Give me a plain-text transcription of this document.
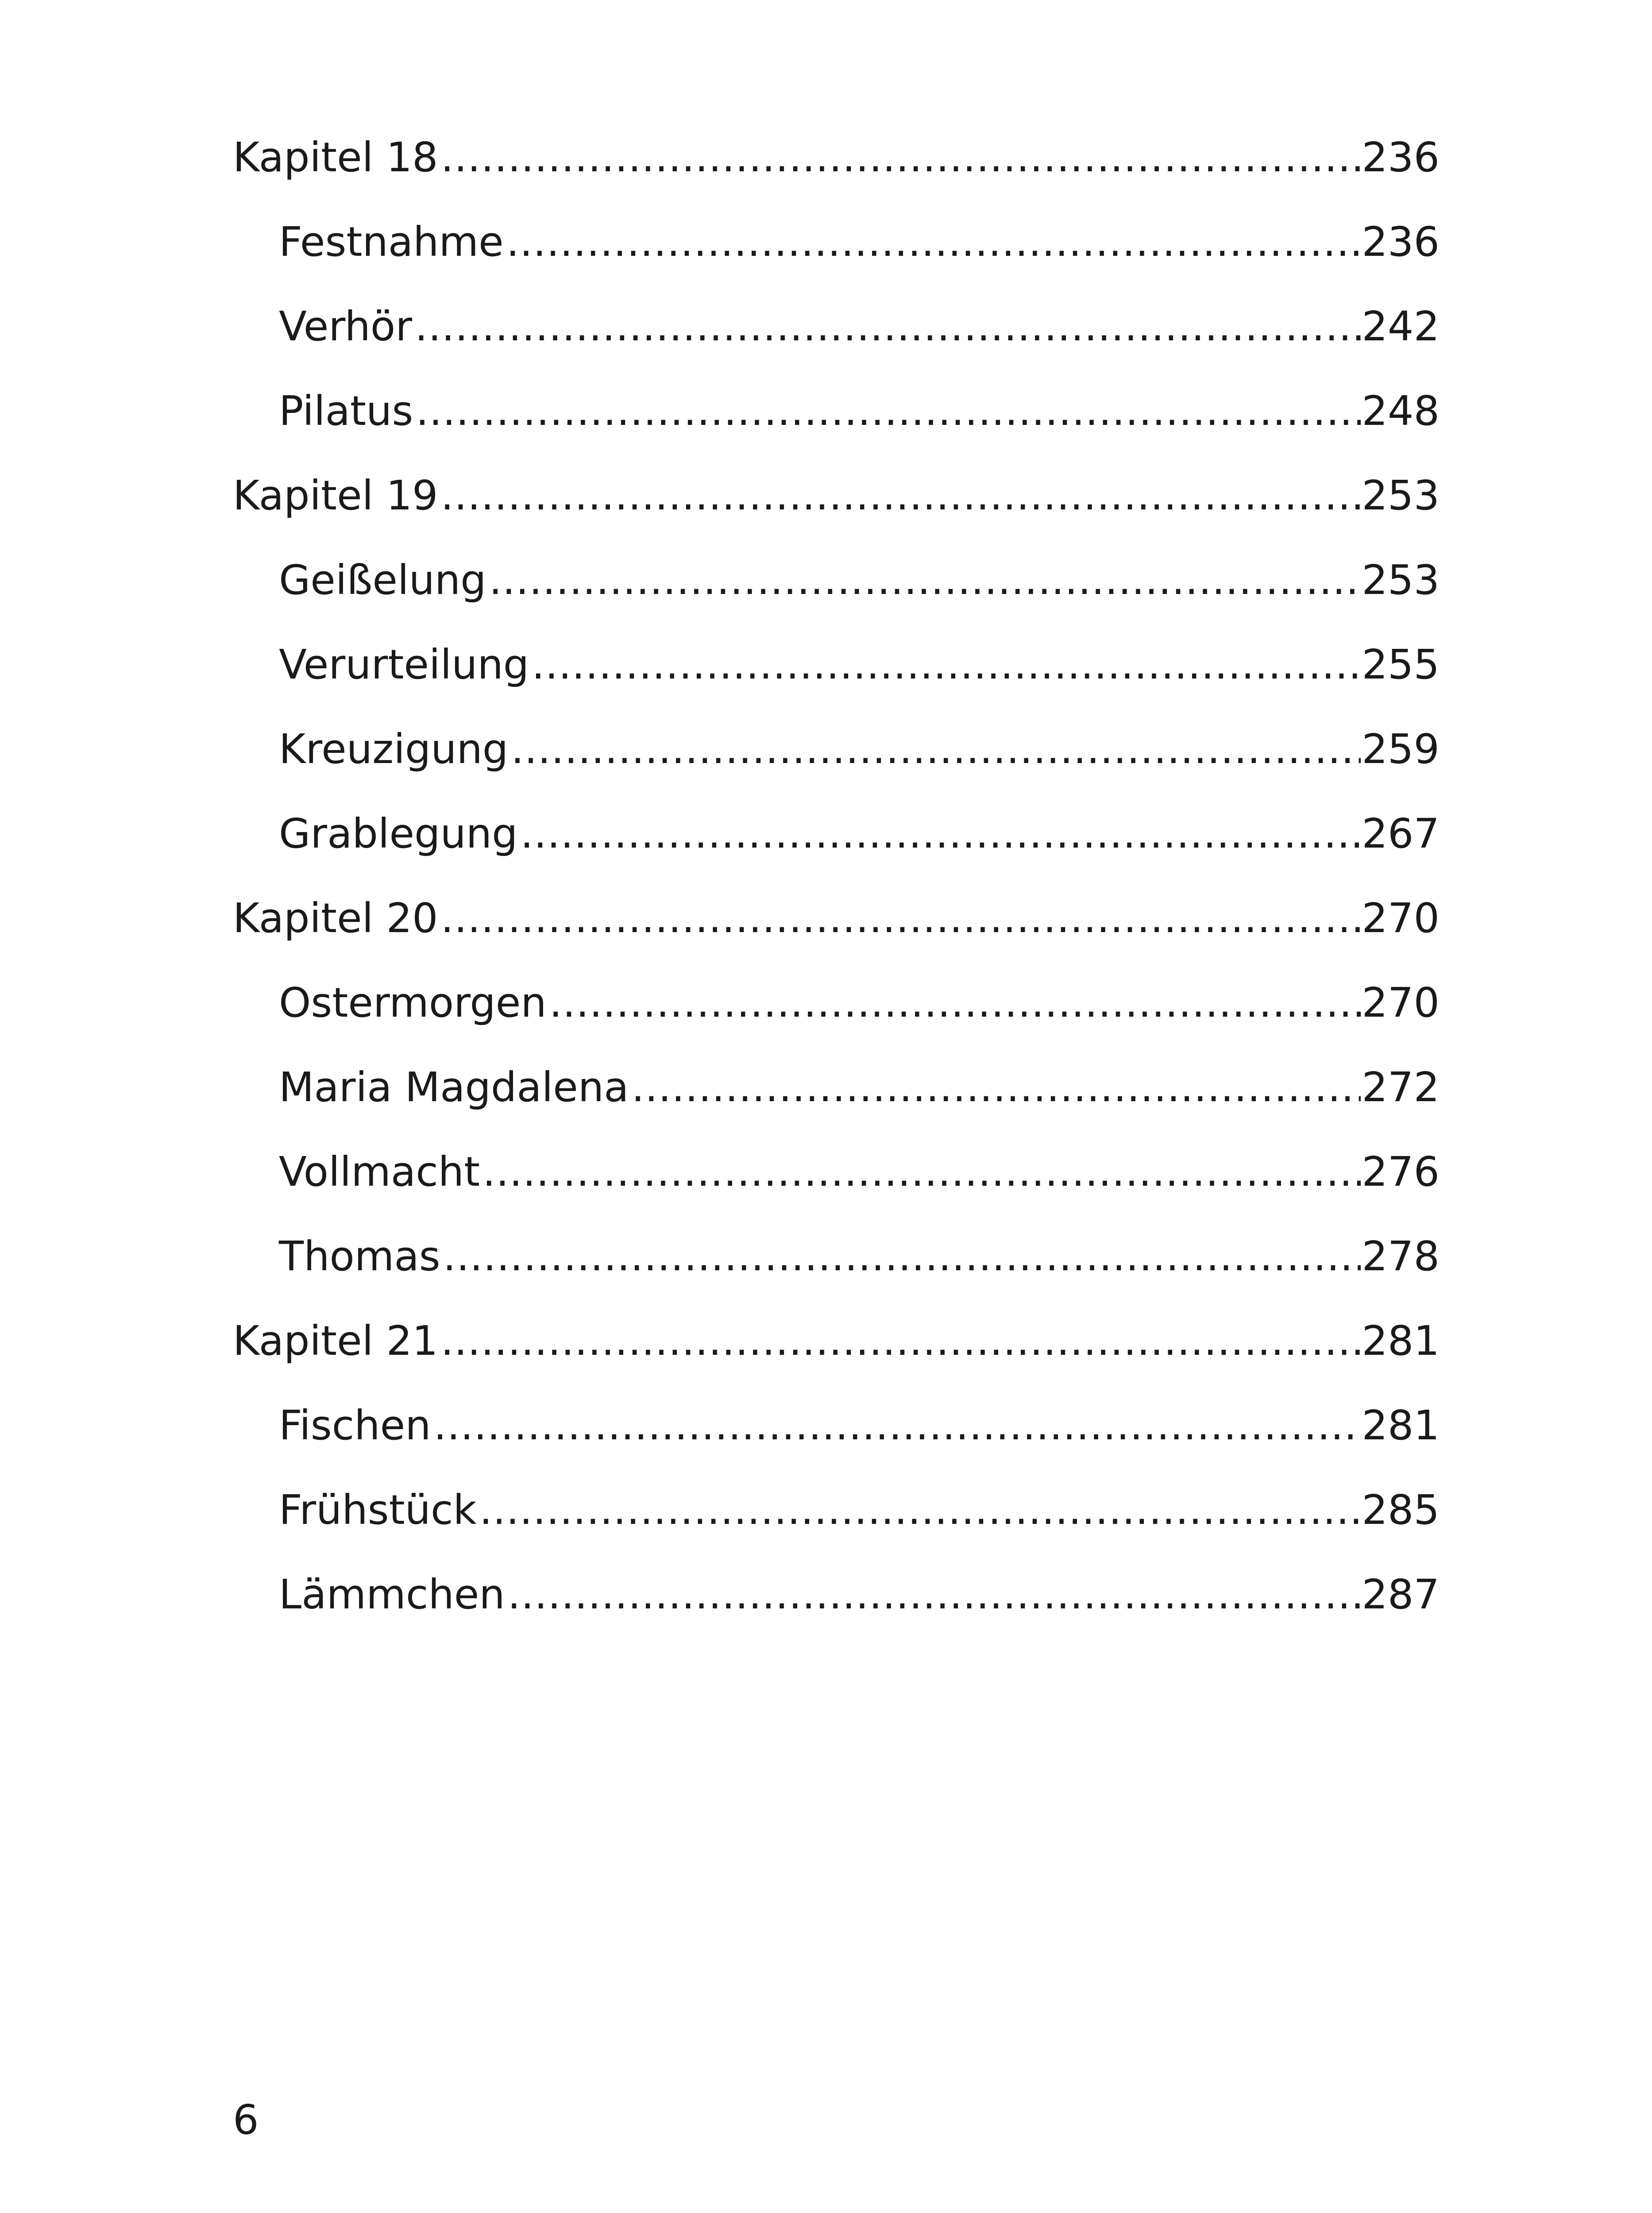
Kapitel 18 .....	236
Festnahme .....	236
Verhör .....	242
Pilatus .....	248
Kapitel 19 .....	253
Geißelung .....	253
Verurteilung .....	255
Kreuzigung .....	259
Grablegung .....	267
Kapitel 20 .....	270
Ostermorgen .....	270
Maria Magdalena .....	272
Vollmacht .....	276
Thomas .....	278
Kapitel 21 .....	281
Fischen .....	281
Frühstück .....	285
Lämmchen .....	287
6
